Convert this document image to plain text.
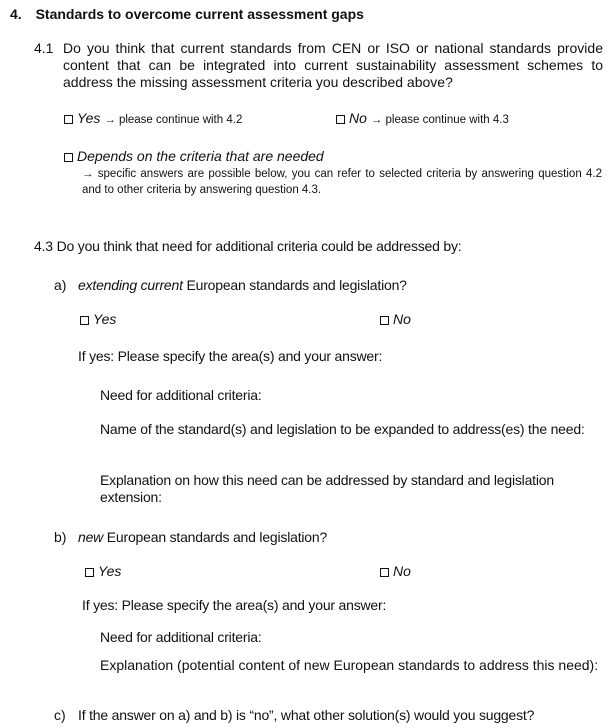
4. Standards to overcome current assessment gaps
4.1 Do you think that current standards from CEN or ISO or national standards provide content that can be integrated into current sustainability assessment schemes to address the missing assessment criteria you described above?
Yes → please continue with 4.2	No → please continue with 4.3
Depends on the criteria that are needed
→ specific answers are possible below, you can refer to selected criteria by answering question 4.2 and to other criteria by answering question 4.3.
4.3 Do you think that need for additional criteria could be addressed by:
a) extending current European standards and legislation?
Yes	No
If yes: Please specify the area(s) and your answer:
Need for additional criteria:
Name of the standard(s) and legislation to be expanded to address(es) the need:
Explanation on how this need can be addressed by standard and legislation extension:
b) new European standards and legislation?
Yes	No
If yes: Please specify the area(s) and your answer:
Need for additional criteria:
Explanation (potential content of new European standards to address this need):
c) If the answer on a) and b) is “no”, what other solution(s) would you suggest?
